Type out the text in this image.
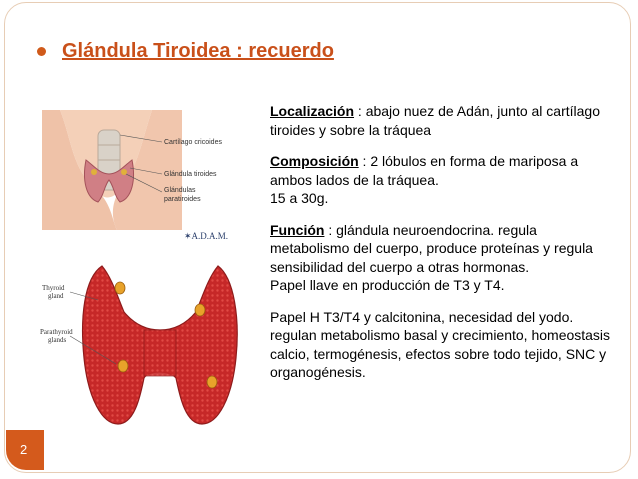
Glándula Tiroidea : recuerdo
Cartílago cricoides
Glándula tiroides
Glándulas
paratiroides
✶A.D.A.M.
Thyroid
gland
Parathyroid
glands

Localización : abajo nuez de Adán, junto al cartílago tiroides y sobre la tráquea

Composición : 2 lóbulos en forma de mariposa a ambos lados de la tráquea.
15 a 30g.

Función : glándula neuroendocrina. regula metabolismo del cuerpo, produce proteínas y regula sensibilidad del cuerpo a otras hormonas.
Papel llave en producción de T3 y T4.

Papel H T3/T4 y calcitonina, necesidad del yodo. regulan metabolismo basal y crecimiento, homeostasis calcio, termogénesis, efectos sobre todo tejido, SNC y organogénesis.

2
